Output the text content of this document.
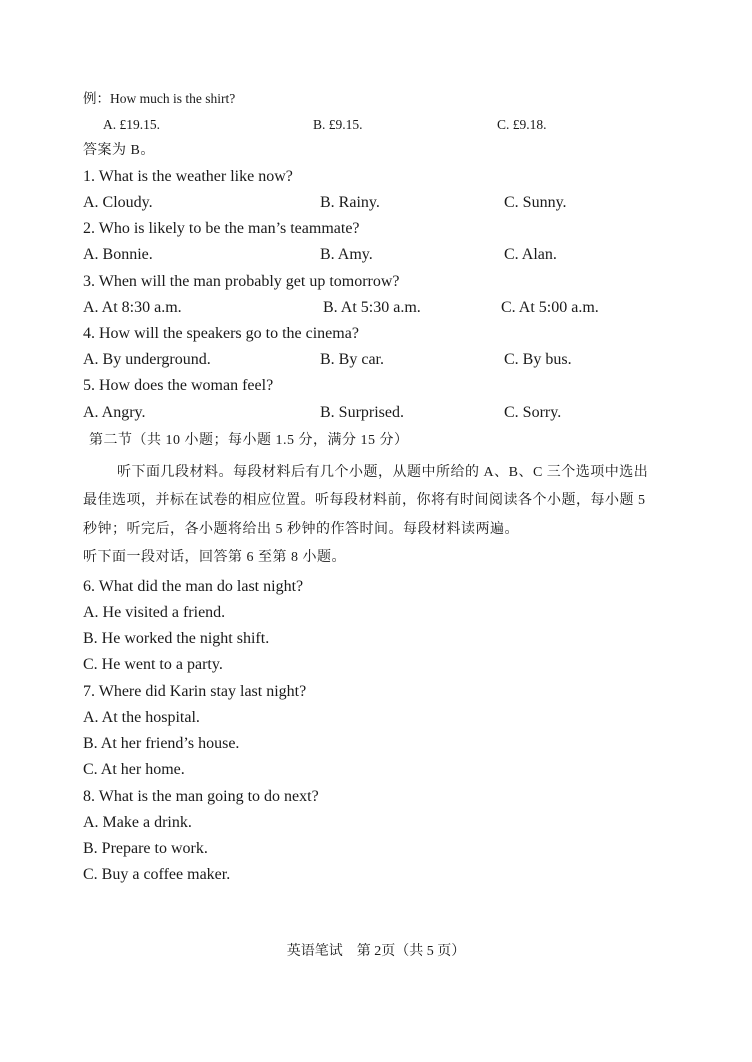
例：How much is the shirt?
A. £19.15.	B. £9.15.	C. £9.18.
答案为 B。
1. What is the weather like now?
A. Cloudy.	B. Rainy.	C. Sunny.
2. Who is likely to be the man’s teammate?
A. Bonnie.	B. Amy.	C. Alan.
3. When will the man probably get up tomorrow?
A. At 8:30 a.m.	B. At 5:30 a.m.	C. At 5:00 a.m.
4. How will the speakers go to the cinema?
A. By underground.	B. By car.	C. By bus.
5. How does the woman feel?
A. Angry.	B. Surprised.	C. Sorry.
第二节（共 10 小题；每小题 1.5 分，满分 15 分）
听下面几段材料。每段材料后有几个小题，从题中所给的 A、B、C 三个选项中选出
最佳选项，并标在试卷的相应位置。听每段材料前，你将有时间阅读各个小题，每小题 5
秒钟；听完后，各小题将给出 5 秒钟的作答时间。每段材料读两遍。
听下面一段对话，回答第 6 至第 8 小题。
6. What did the man do last night?
A. He visited a friend.
B. He worked the night shift.
C. He went to a party.
7. Where did Karin stay last night?
A. At the hospital.
B. At her friend’s house.
C. At her home.
8. What is the man going to do next?
A. Make a drink.
B. Prepare to work.
C. Buy a coffee maker.
英语笔试　第 2页（共 5 页）
